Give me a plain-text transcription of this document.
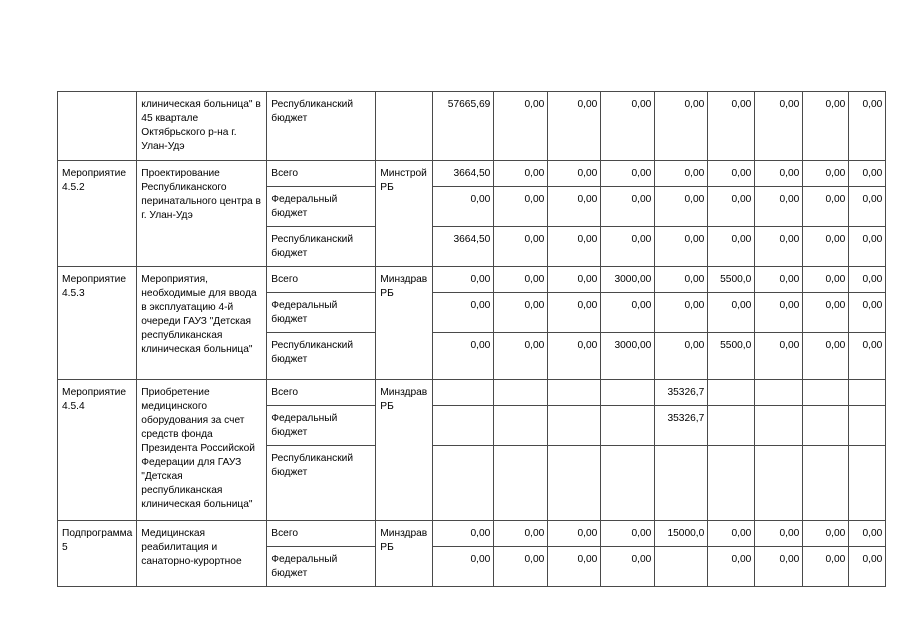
	клиническая больница" в 45 квартале Октябрьского р-на г. Улан-Удэ	Республиканский бюджет		57665,69	0,00	0,00	0,00	0,00	0,00	0,00	0,00	0,00
Мероприятие 4.5.2	Проектирование Республиканского перинатального центра в г. Улан-Удэ	Всего	Минстрой РБ	3664,50	0,00	0,00	0,00	0,00	0,00	0,00	0,00	0,00
		Федеральный бюджет		0,00	0,00	0,00	0,00	0,00	0,00	0,00	0,00	0,00
		Республиканский бюджет		3664,50	0,00	0,00	0,00	0,00	0,00	0,00	0,00	0,00
Мероприятие 4.5.3	Мероприятия, необходимые для ввода в эксплуатацию 4-й очереди ГАУЗ "Детская республиканская клиническая больница"	Всего	Минздрав РБ	0,00	0,00	0,00	3000,00	0,00	5500,0	0,00	0,00	0,00
		Федеральный бюджет		0,00	0,00	0,00	0,00	0,00	0,00	0,00	0,00	0,00
		Республиканский бюджет		0,00	0,00	0,00	3000,00	0,00	5500,0	0,00	0,00	0,00
Мероприятие 4.5.4	Приобретение медицинского оборудования за счет средств фонда Президента Российской Федерации для ГАУЗ "Детская республиканская клиническая больница"	Всего	Минздрав РБ					35326,7				
		Федеральный бюджет						35326,7				
		Республиканский бюджет										
Подпрограмма 5	Медицинская реабилитация и санаторно-курортное	Всего	Минздрав РБ	0,00	0,00	0,00	0,00	15000,0	0,00	0,00	0,00	0,00
		Федеральный бюджет		0,00	0,00	0,00	0,00		0,00	0,00	0,00	0,00
